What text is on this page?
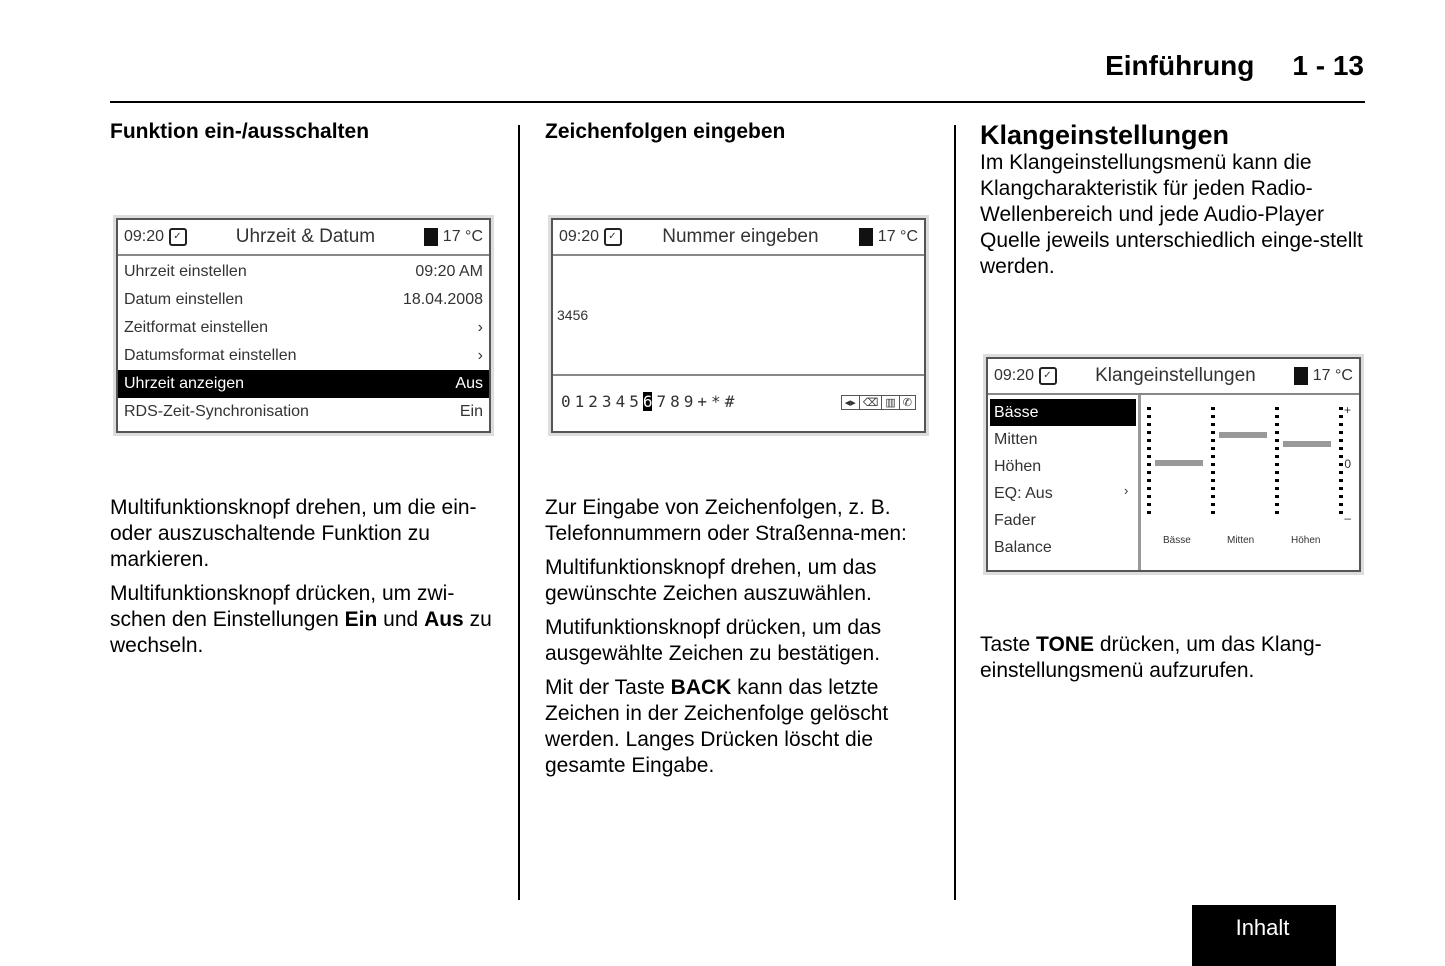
Einführung 1 - 13
Funktion ein-/ausschalten

Multifunktionsknopf drehen, um die ein- oder auszuschaltende Funktion zu markieren.

Multifunktionsknopf drücken, um zwi-schen den Einstellungen Ein und Aus zu wechseln.

09:20 ✓	Uhrzeit & Datum	17 °C
Uhrzeit einstellen	09:20 AM
Datum einstellen	18.04.2008
Zeitformat einstellen	›
Datumsformat einstellen	›
Uhrzeit anzeigen	Aus
RDS-Zeit-Synchronisation	Ein
Zeichenfolgen eingeben

Zur Eingabe von Zeichenfolgen, z. B. Telefonnummern oder Straßenna-men:

Multifunktionsknopf drehen, um das gewünschte Zeichen auszuwählen.

Mutifunktionsknopf drücken, um das ausgewählte Zeichen zu bestätigen.

Mit der Taste BACK kann das letzte Zeichen in der Zeichenfolge gelöscht werden. Langes Drücken löscht die gesamte Eingabe.

09:20 ✓ Nummer eingeben	17 °C
3456
0 1 2 3 4 5 6 7 8 9 + * #	◂▸ ⌫ ▥ ✆
Klangeinstellungen

Im Klangeinstellungsmenü kann die Klangcharakteristik für jeden Radio-Wellenbereich und jede Audio-Player Quelle jeweils unterschiedlich einge-stellt werden.

Taste TONE drücken, um das Klang-einstellungsmenü aufzurufen.

09:20 ✓ Klangeinstellungen	17 °C
›
Bässe
Mitten
Höhen
EQ: Aus
Fader
Balance
+
0
–
Bässe	Mitten	Höhen
Inhalt
